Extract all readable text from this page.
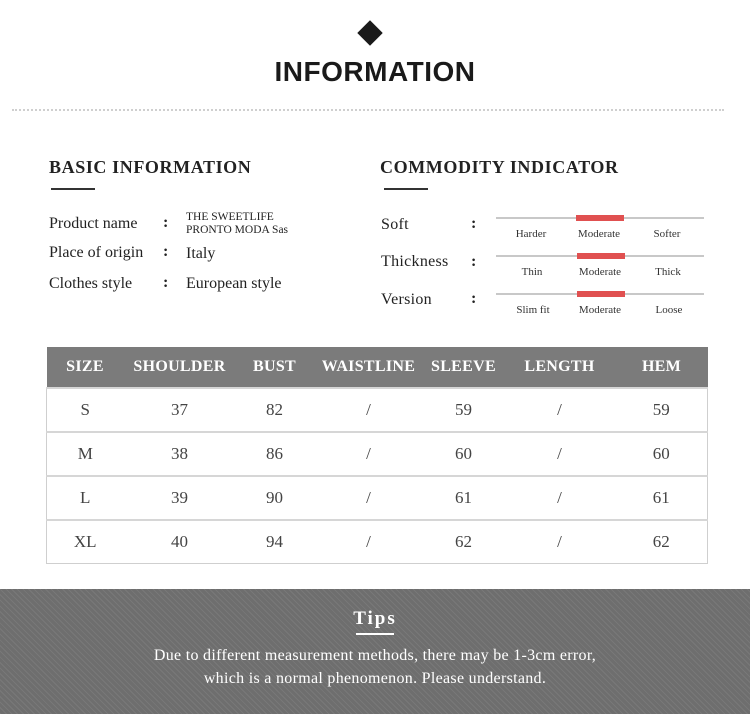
INFORMATION
BASIC INFORMATION
Product name : THE SWEETLIFE
PRONTO MODA Sas
Place of origin : Italy
Clothes style : European style
COMMODITY INDICATOR
Soft	:
Harder	Moderate	Softer
Thickness :
Thin	Moderate	Thick
Version :
Slim fit	Moderate	Loose
SIZE	SHOULDER	BUST	WAISTLINE	SLEEVE	LENGTH	HEM
S	37	82	/	59	/	59
M	38	86	/	60	/	60
L	39	90	/	61	/	61
XL	40	94	/	62	/	62
Tips
Due to different measurement methods, there may be 1-3cm error,
which is a normal phenomenon. Please understand.
